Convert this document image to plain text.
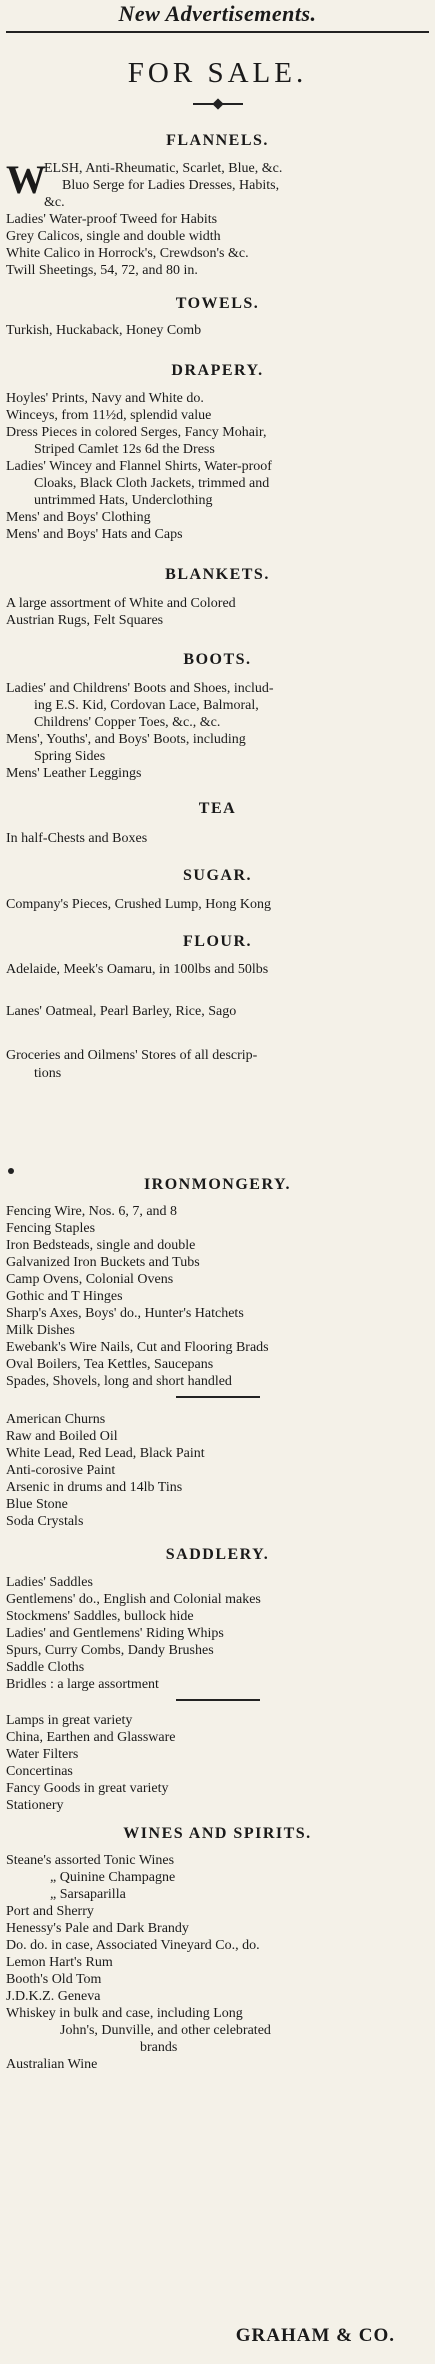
New Advertisements.
FOR SALE.
FLANNELS.
W
ELSH, Anti-Rheumatic, Scarlet, Blue, &c.
Bluo Serge for Ladies Dresses, Habits,
&c.
Ladies' Water-proof Tweed for Habits
Grey Calicos, single and double width
White Calico in Horrock's, Crewdson's &c.
Twill Sheetings, 54, 72, and 80 in.
TOWELS.
Turkish, Huckaback, Honey Comb
DRAPERY.
Hoyles' Prints, Navy and White do.
Winceys, from 11½d, splendid value
Dress Pieces in colored Serges, Fancy Mohair,
Striped Camlet 12s 6d the Dress
Ladies' Wincey and Flannel Shirts, Water-proof
Cloaks, Black Cloth Jackets, trimmed and
untrimmed Hats, Underclothing
Mens' and Boys' Clothing
Mens' and Boys' Hats and Caps
BLANKETS.
A large assortment of White and Colored
Austrian Rugs, Felt Squares
BOOTS.
Ladies' and Childrens' Boots and Shoes, includ-
ing E.S. Kid, Cordovan Lace, Balmoral,
Childrens' Copper Toes, &c., &c.
Mens', Youths', and Boys' Boots, including
Spring Sides
Mens' Leather Leggings
TEA
In half-Chests and Boxes
SUGAR.
Company's Pieces, Crushed Lump, Hong Kong
FLOUR.
Adelaide, Meek's Oamaru, in 100lbs and 50lbs
Lanes' Oatmeal, Pearl Barley, Rice, Sago
Groceries and Oilmens' Stores of all descrip-
tions
IRONMONGERY.
Fencing Wire, Nos. 6, 7, and 8
Fencing Staples
Iron Bedsteads, single and double
Galvanized Iron Buckets and Tubs
Camp Ovens, Colonial Ovens
Gothic and T Hinges
Sharp's Axes, Boys' do., Hunter's Hatchets
Milk Dishes
Ewebank's Wire Nails, Cut and Flooring Brads
Oval Boilers, Tea Kettles, Saucepans
Spades, Shovels, long and short handled
American Churns
Raw and Boiled Oil
White Lead, Red Lead, Black Paint
Anti-corosive Paint
Arsenic in drums and 14lb Tins
Blue Stone
Soda Crystals
SADDLERY.
Ladies' Saddles
Gentlemens' do., English and Colonial makes
Stockmens' Saddles, bullock hide
Ladies' and Gentlemens' Riding Whips
Spurs, Curry Combs, Dandy Brushes
Saddle Cloths
Bridles : a large assortment
Lamps in great variety
China, Earthen and Glassware
Water Filters
Concertinas
Fancy Goods in great variety
Stationery
WINES AND SPIRITS.
Steane's assorted Tonic Wines
„ Quinine Champagne
„ Sarsaparilla
Port and Sherry
Henessy's Pale and Dark Brandy
Do. do. in case, Associated Vineyard Co., do.
Lemon Hart's Rum
Booth's Old Tom
J.D.K.Z. Geneva
Whiskey in bulk and case, including Long
John's, Dunville, and other celebrated
brands
Australian Wine
GRAHAM & CO.
